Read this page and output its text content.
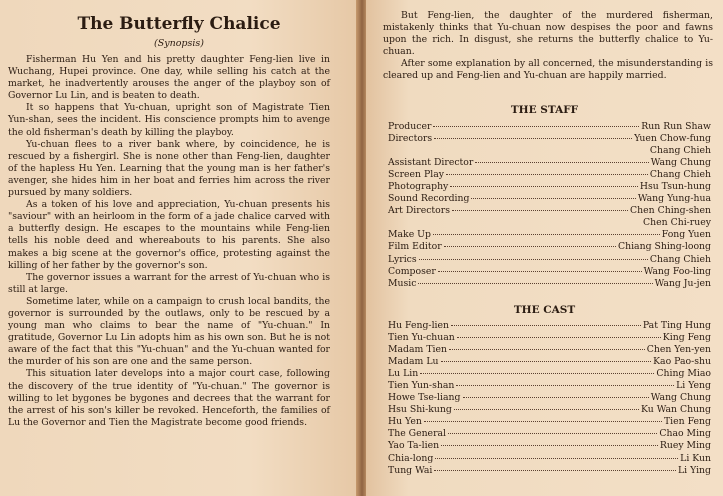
The Butterfly Chalice
(Synopsis)

Fisherman Hu Yen and his pretty daughter Feng-lien live in Wuchang, Hupei province. One day, while selling his catch at the market, he inadvertently arouses the anger of the playboy son of Governor Lu Lin, and is beaten to death.

It so happens that Yu-chuan, upright son of Magistrate Tien Yun-shan, sees the incident. His conscience prompts him to avenge the old fisherman's death by killing the playboy.

Yu-chuan flees to a river bank where, by coincidence, he is rescued by a fishergirl. She is none other than Feng-lien, daughter of the hapless Hu Yen. Learning that the young man is her father's avenger, she hides him in her boat and ferries him across the river pursued by many soldiers.

As a token of his love and appreciation, Yu-chuan presents his "saviour" with an heirloom in the form of a jade chalice carved with a butterfly design. He escapes to the mountains while Feng-lien tells his noble deed and whereabouts to his parents. She also makes a big scene at the governor's office, protesting against the killing of her father by the governor's son.

The governor issues a warrant for the arrest of Yu-chuan who is still at large.

Sometime later, while on a campaign to crush local bandits, the governor is surrounded by the outlaws, only to be rescued by a young man who claims to bear the name of "Yu-chuan." In gratitude, Governor Lu Lin adopts him as his own son. But he is not aware of the fact that this "Yu-chuan" and the Yu-chuan wanted for the murder of his son are one and the same person.

This situation later develops into a major court case, following the discovery of the true identity of "Yu-chuan." The governor is willing to let bygones be bygones and decrees that the warrant for the arrest of his son's killer be revoked. Henceforth, the families of Lu the Governor and Tien the Magistrate become good friends.

But Feng-lien, the daughter of the murdered fisherman, mistakenly thinks that Yu-chuan now despises the poor and fawns upon the rich. In disgust, she returns the butterfly chalice to Yu-chuan.

After some explanation by all concerned, the misunderstanding is cleared up and Feng-lien and Yu-chuan are happily married.

THE STAFF
Producer	Run Run Shaw
Directors	Yuen Chow-fung
Chang Chieh
Assistant Director	Wang Chung
Screen Play	Chang Chieh
Photography	Hsu Tsun-hung
Sound Recording	Wang Yung-hua
Art Directors	Chen Ching-shen
Chen Chi-ruey
Make Up	Fong Yuen
Film Editor	Chiang Shing-loong
Lyrics	Chang Chieh
Composer	Wang Foo-ling
Music	Wang Ju-jen
THE CAST
Hu Feng-lien	Pat Ting Hung
Tien Yu-chuan	King Feng
Madam Tien	Chen Yen-yen
Madam Lu	Kao Pao-shu
Lu Lin	Ching Miao
Tien Yun-shan	Li Yeng
Howe Tse-liang	Wang Chung
Hsu Shi-kung	Ku Wan Chung
Hu Yen	Tien Feng
The General	Chao Ming
Yao Ta-lien	Ruey Ming
Chia-long	Li Kun
Tung Wai	Li Ying
